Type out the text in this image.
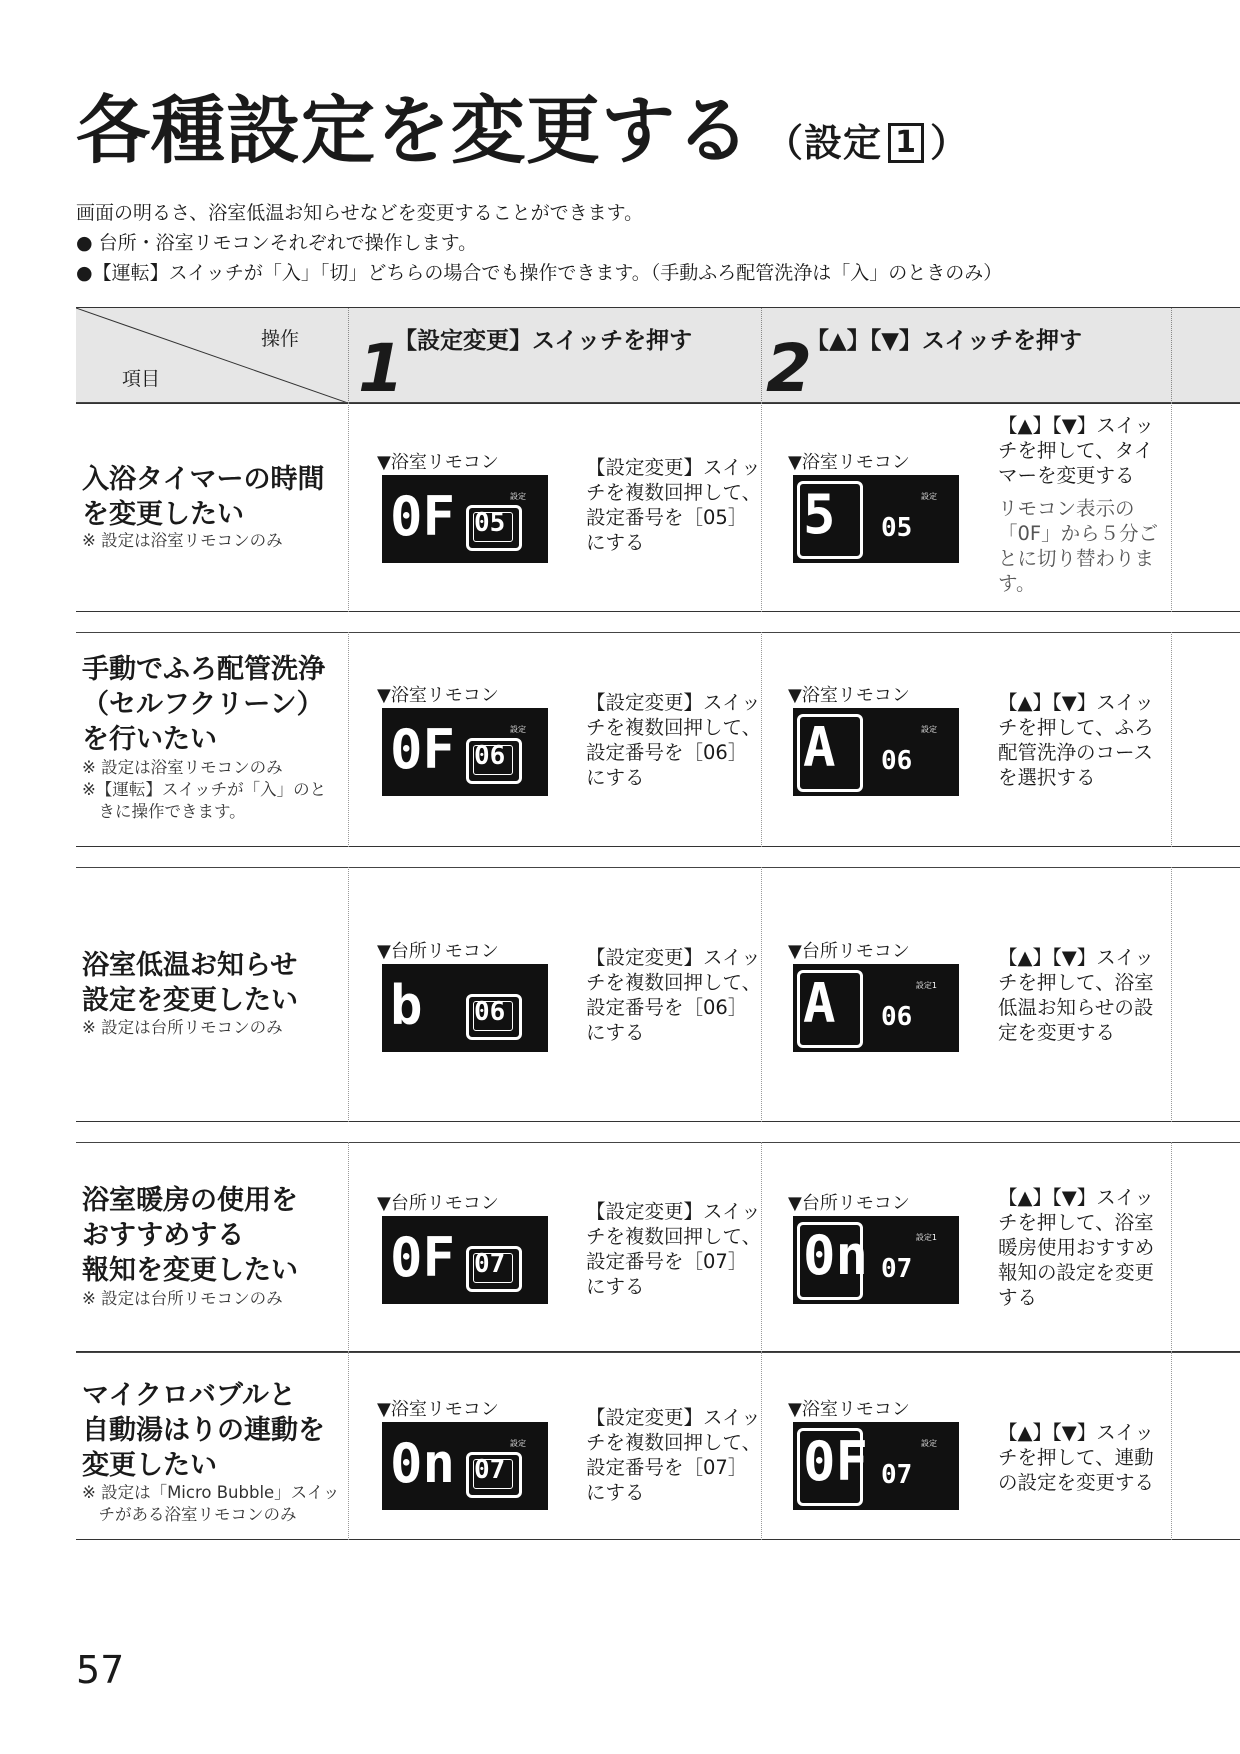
各種設定を変更する （設定 1 ）

画面の明るさ、浴室低温お知らせなどを変更することができます。

● 台所・浴室リモコンそれぞれで操作します。

●【運転】スイッチが「入」「切」どちらの場合でも操作できます。（手動ふろ配管洗浄は「入」のときのみ）

操作
項目	1
【設定変更】スイッチを押す 2
【▲】【▼】スイッチを押す
57
入浴タイマーの時間
を変更したい
※ 設定は浴室リモコンのみ
▼浴室リモコン
0F 05
設定
【設定変更】スイッ
チを複数回押して、
設定番号を［05］
にする
▼浴室リモコン
5 05
設定
【▲】【▼】スイッ
チを押して、タイ
マーを変更する
リモコン表示の
「0F」から５分ご
とに切り替わりま
す。
手動でふろ配管洗浄
（セルフクリーン）
を行いたい
※ 設定は浴室リモコンのみ
※【運転】スイッチが「入」のと
　きに操作できます。
▼浴室リモコン
0F 06
設定
【設定変更】スイッ
チを複数回押して、
設定番号を［06］
にする
▼浴室リモコン
A 06
設定
【▲】【▼】スイッ
チを押して、ふろ
配管洗浄のコース
を選択する
浴室低温お知らせ
設定を変更したい
※ 設定は台所リモコンのみ
▼台所リモコン
b 06
【設定変更】スイッ
チを複数回押して、
設定番号を［06］
にする
▼台所リモコン
A 06
設定1
【▲】【▼】スイッ
チを押して、浴室
低温お知らせの設
定を変更する
浴室暖房の使用を
おすすめする
報知を変更したい
※ 設定は台所リモコンのみ
▼台所リモコン
0F 07
【設定変更】スイッ
チを複数回押して、
設定番号を［07］
にする
▼台所リモコン
0n 07
設定1
【▲】【▼】スイッ
チを押して、浴室
暖房使用おすすめ
報知の設定を変更
する
マイクロバブルと
自動湯はりの連動を
変更したい
※ 設定は「Micro Bubble」スイッ
　チがある浴室リモコンのみ
▼浴室リモコン
0n 07
設定
【設定変更】スイッ
チを複数回押して、
設定番号を［07］
にする
▼浴室リモコン
0F 07
設定	【▲】【▼】スイッ
チを押して、連動
の設定を変更する
